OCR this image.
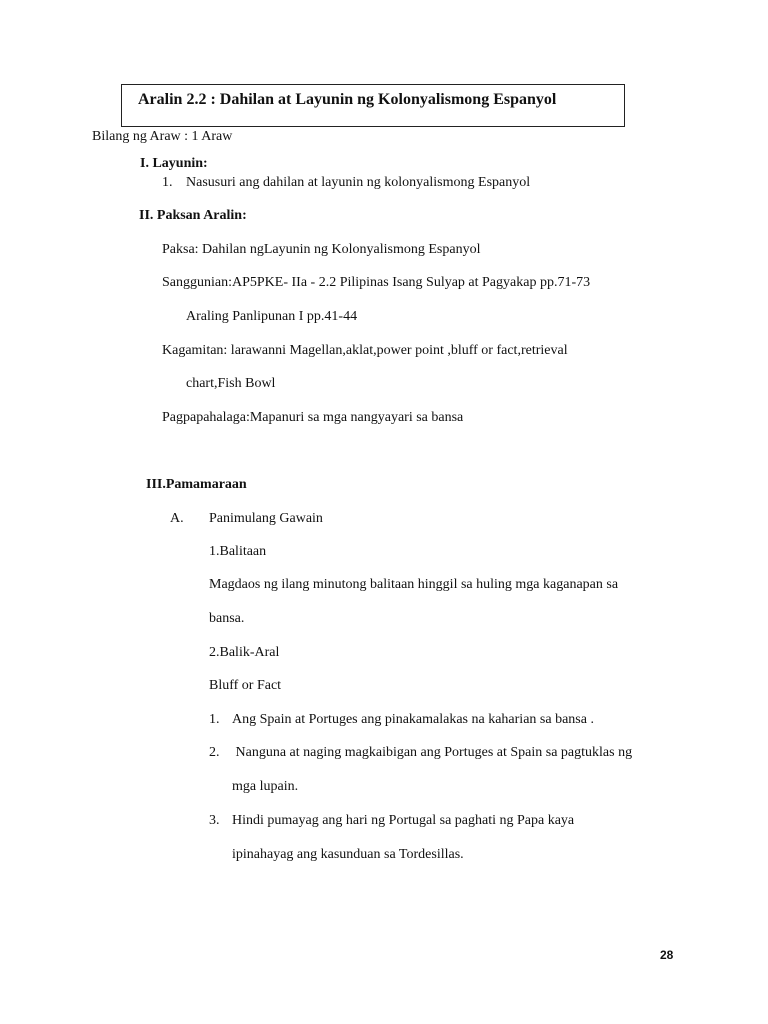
Aralin 2.2 : Dahilan at Layunin ng Kolonyalismong Espanyol
Bilang ng Araw : 1 Araw
I. Layunin:
1. Nasusuri ang dahilan at layunin ng kolonyalismong Espanyol
II. Paksan Aralin:
Paksa: Dahilan ngLayunin ng Kolonyalismong Espanyol
Sanggunian:AP5PKE- IIa - 2.2 Pilipinas Isang Sulyap at Pagyakap pp.71-73
Araling Panlipunan I pp.41-44
Kagamitan: larawanni Magellan,aklat,power point ,bluff or fact,retrieval
chart,Fish Bowl
Pagpapahalaga:Mapanuri sa mga nangyayari sa bansa
III.Pamamaraan
A. Panimulang Gawain
1.Balitaan
Magdaos ng ilang minutong balitaan hinggil sa huling mga kaganapan sa
bansa.
2.Balik-Aral
Bluff or Fact
1. Ang Spain at Portuges ang pinakamalakas na kaharian sa bansa .
2. Nanguna at naging magkaibigan ang Portuges at Spain sa pagtuklas ng
mga lupain.
3. Hindi pumayag ang hari ng Portugal sa paghati ng Papa kaya
ipinahayag ang kasunduan sa Tordesillas.
28
